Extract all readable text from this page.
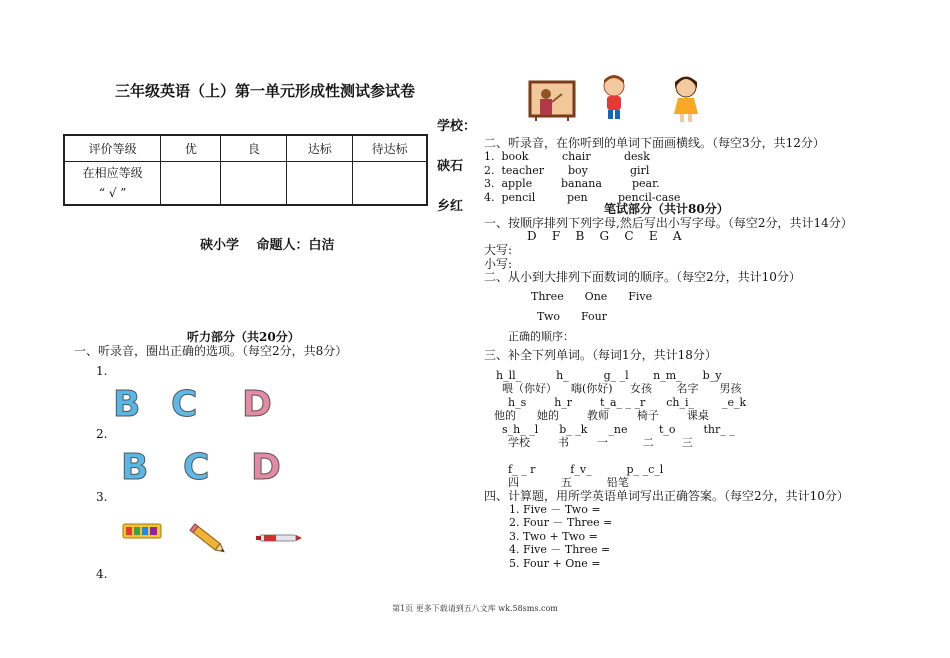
三年级英语（上）第一单元形成性测试参试卷
评价等级	优	良	达标	待达标

在相应等级
“ √ ”				

学校：
硖石
乡红
硖小学　 命题人：白洁
听力部分（共20分）
一、听录音，圈出正确的选项。（每空2分，共8分）
1.
B C D
2.
B C D
3.
4.
二、听录音，在你听到的单词下面画横线。（每空3分，共12分）
1.  book	chair	desk
2.  teacher boy	girl
3.  apple	banana	pear.
4.  pencil	pen	pencil-case
笔试部分（共计80分）
一、按顺序排列下列字母,然后写出小写字母。（每空2分，共计14分）
D    F    B    G    C    E    A
大写:
小写:
二、从小到大排列下面数词的顺序。（每空2分，共计10分）
Three      One      Five
Two      Four
正确的顺序：
三、补全下列单词。（每词1分，共计18分）
h_ll_          h_          g_ _l       n_m_      b_y
喂（你好）    嗨(你好)     女孩       名字      男孩
h_s        h_r        t_a_ _ _r      ch_i_        _e_k
他的      她的        教师        椅子        课桌
s_h_ _l      b_ _k      _ne         t_o        thr_ _
学校        书        一          二        三
f_ _ r          f_v_          p_ _c_l
四            五          铅笔
四、计算题，用所学英语单词写出正确答案。（每空2分，共计10分）
1. Five － Two =
2. Four － Three =
3. Two + Two =
4. Five － Three =
5. Four + One =
第1页 更多下载请到五八文库 wk.58sms.com
